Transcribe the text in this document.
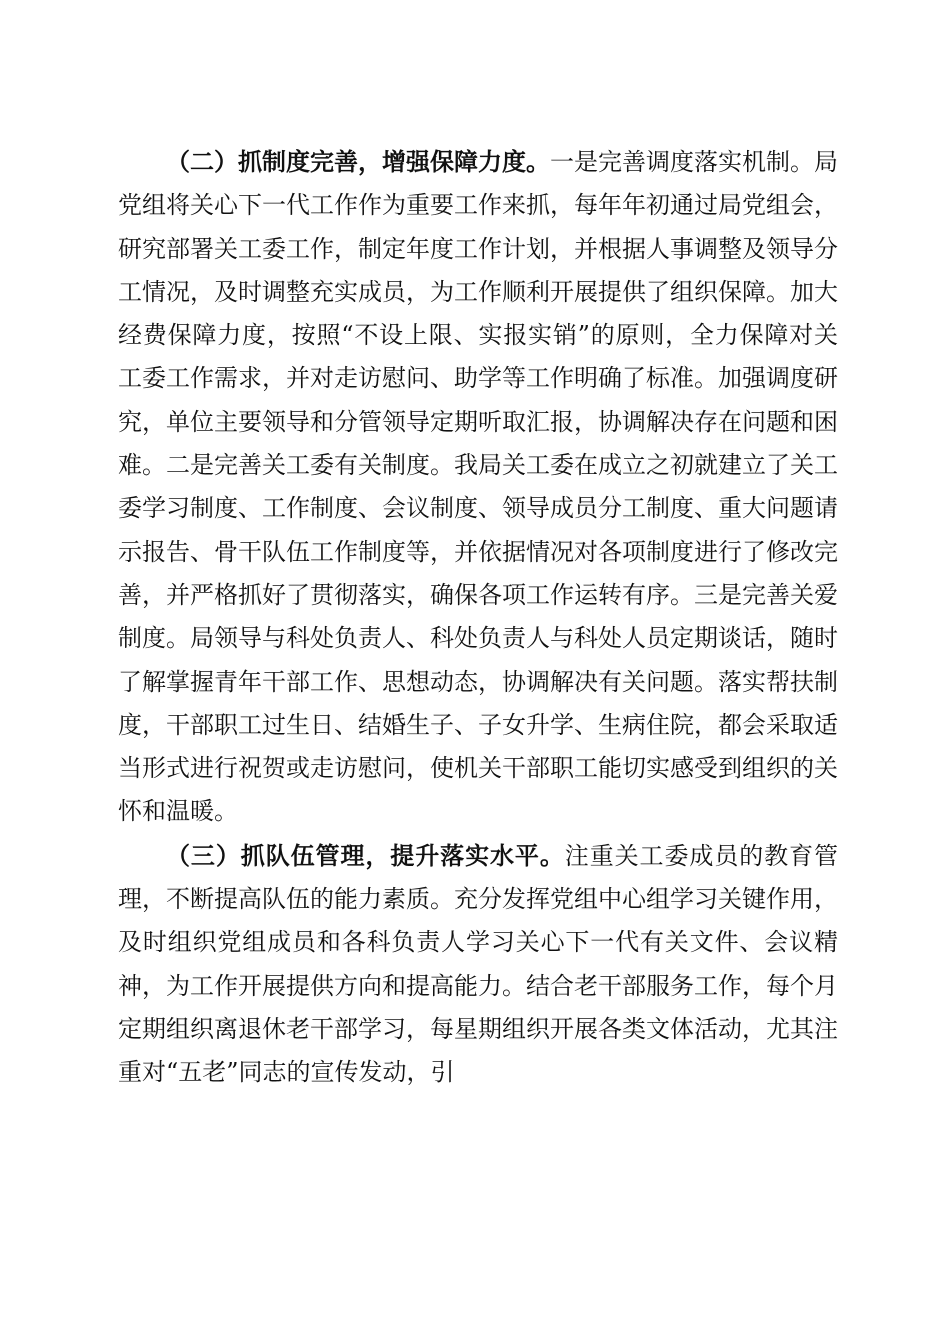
（二）抓制度完善，增强保障力度。一是完善调度落实机制。局党组将关心下一代工作作为重要工作来抓，每年年初通过局党组会，研究部署关工委工作，制定年度工作计划，并根据人事调整及领导分工情况，及时调整充实成员，为工作顺利开展提供了组织保障。加大经费保障力度，按照“不设上限、实报实销”的原则，全力保障对关工委工作需求，并对走访慰问、助学等工作明确了标准。加强调度研究，单位主要领导和分管领导定期听取汇报，协调解决存在问题和困难。二是完善关工委有关制度。我局关工委在成立之初就建立了关工委学习制度、工作制度、会议制度、领导成员分工制度、重大问题请示报告、骨干队伍工作制度等，并依据情况对各项制度进行了修改完善，并严格抓好了贯彻落实，确保各项工作运转有序。三是完善关爱制度。局领导与科处负责人、科处负责人与科处人员定期谈话，随时了解掌握青年干部工作、思想动态，协调解决有关问题。落实帮扶制度，干部职工过生日、结婚生子、子女升学、生病住院，都会采取适当形式进行祝贺或走访慰问，使机关干部职工能切实感受到组织的关怀和温暖。

（三）抓队伍管理，提升落实水平。注重关工委成员的教育管理，不断提高队伍的能力素质。充分发挥党组中心组学习关键作用，及时组织党组成员和各科负责人学习关心下一代有关文件、会议精神，为工作开展提供方向和提高能力。结合老干部服务工作，每个月定期组织离退休老干部学习，每星期组织开展各类文体活动，尤其注重对“五老”同志的宣传发动，引
